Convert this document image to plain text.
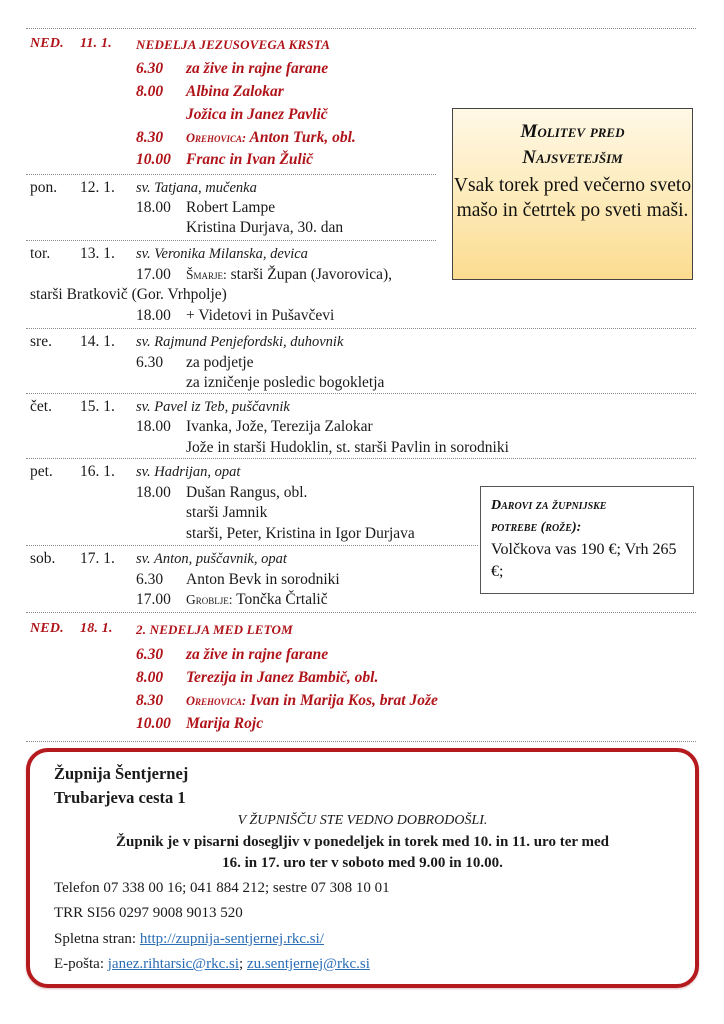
NED. 11. 1. NEDELJA JEZUSOVEGA KRSTA
6.30 za žive in rajne farane
8.00 Albina Zalokar
Jožica in Janez Pavlič
8.30 Orehovica: Anton Turk, obl.
10.00 Franc in Ivan Žulič
pon. 12. 1. sv. Tatjana, mučenka
18.00 Robert Lampe
Kristina Durjava, 30. dan
tor. 13. 1. sv. Veronika Milanska, devica
17.00 Šmarje: starši Župan (Javorovica),
starši Bratkovič (Gor. Vrhpolje)
18.00 + Videtovi in Pušavčevi
sre. 14. 1. sv. Rajmund Penjefordski, duhovnik
6.30 za podjetje
za izničenje posledic bogokletja
čet. 15. 1. sv. Pavel iz Teb, puščavnik
18.00 Ivanka, Jože, Terezija Zalokar
Jože in starši Hudoklin, st. starši Pavlin in sorodniki
pet. 16. 1. sv. Hadrijan, opat
18.00 Dušan Rangus, obl.
starši Jamnik
starši, Peter, Kristina in Igor Durjava
sob. 17. 1. sv. Anton, puščavnik, opat
6.30 Anton Bevk in sorodniki
17.00 Groblje: Tončka Črtalič
NED. 18. 1. 2. NEDELJA MED LETOM
6.30 za žive in rajne farane
8.00 Terezija in Janez Bambič, obl.
8.30 Orehovica: Ivan in Marija Kos, brat Jože
10.00 Marija Rojc
Molitev pred
Najsvetejšim
Vsak torek pred večerno sveto mašo in četrtek po sveti maši.
Darovi za župnijske
potrebe (rože):
Volčkova vas 190 €; Vrh 265 €;
Župnija Šentjernej
Trubarjeva cesta 1
V ŽUPNIŠČU STE VEDNO DOBRODOŠLI.
Župnik je v pisarni dosegljiv v ponedeljek in torek med 10. in 11. uro ter med
16. in 17. uro ter v soboto med 9.00 in 10.00.
Telefon 07 338 00 16; 041 884 212; sestre 07 308 10 01
TRR SI56 0297 9008 9013 520
Spletna stran: http://zupnija-sentjernej.rkc.si/
E-pošta: janez.rihtarsic@rkc.si; zu.sentjernej@rkc.si
